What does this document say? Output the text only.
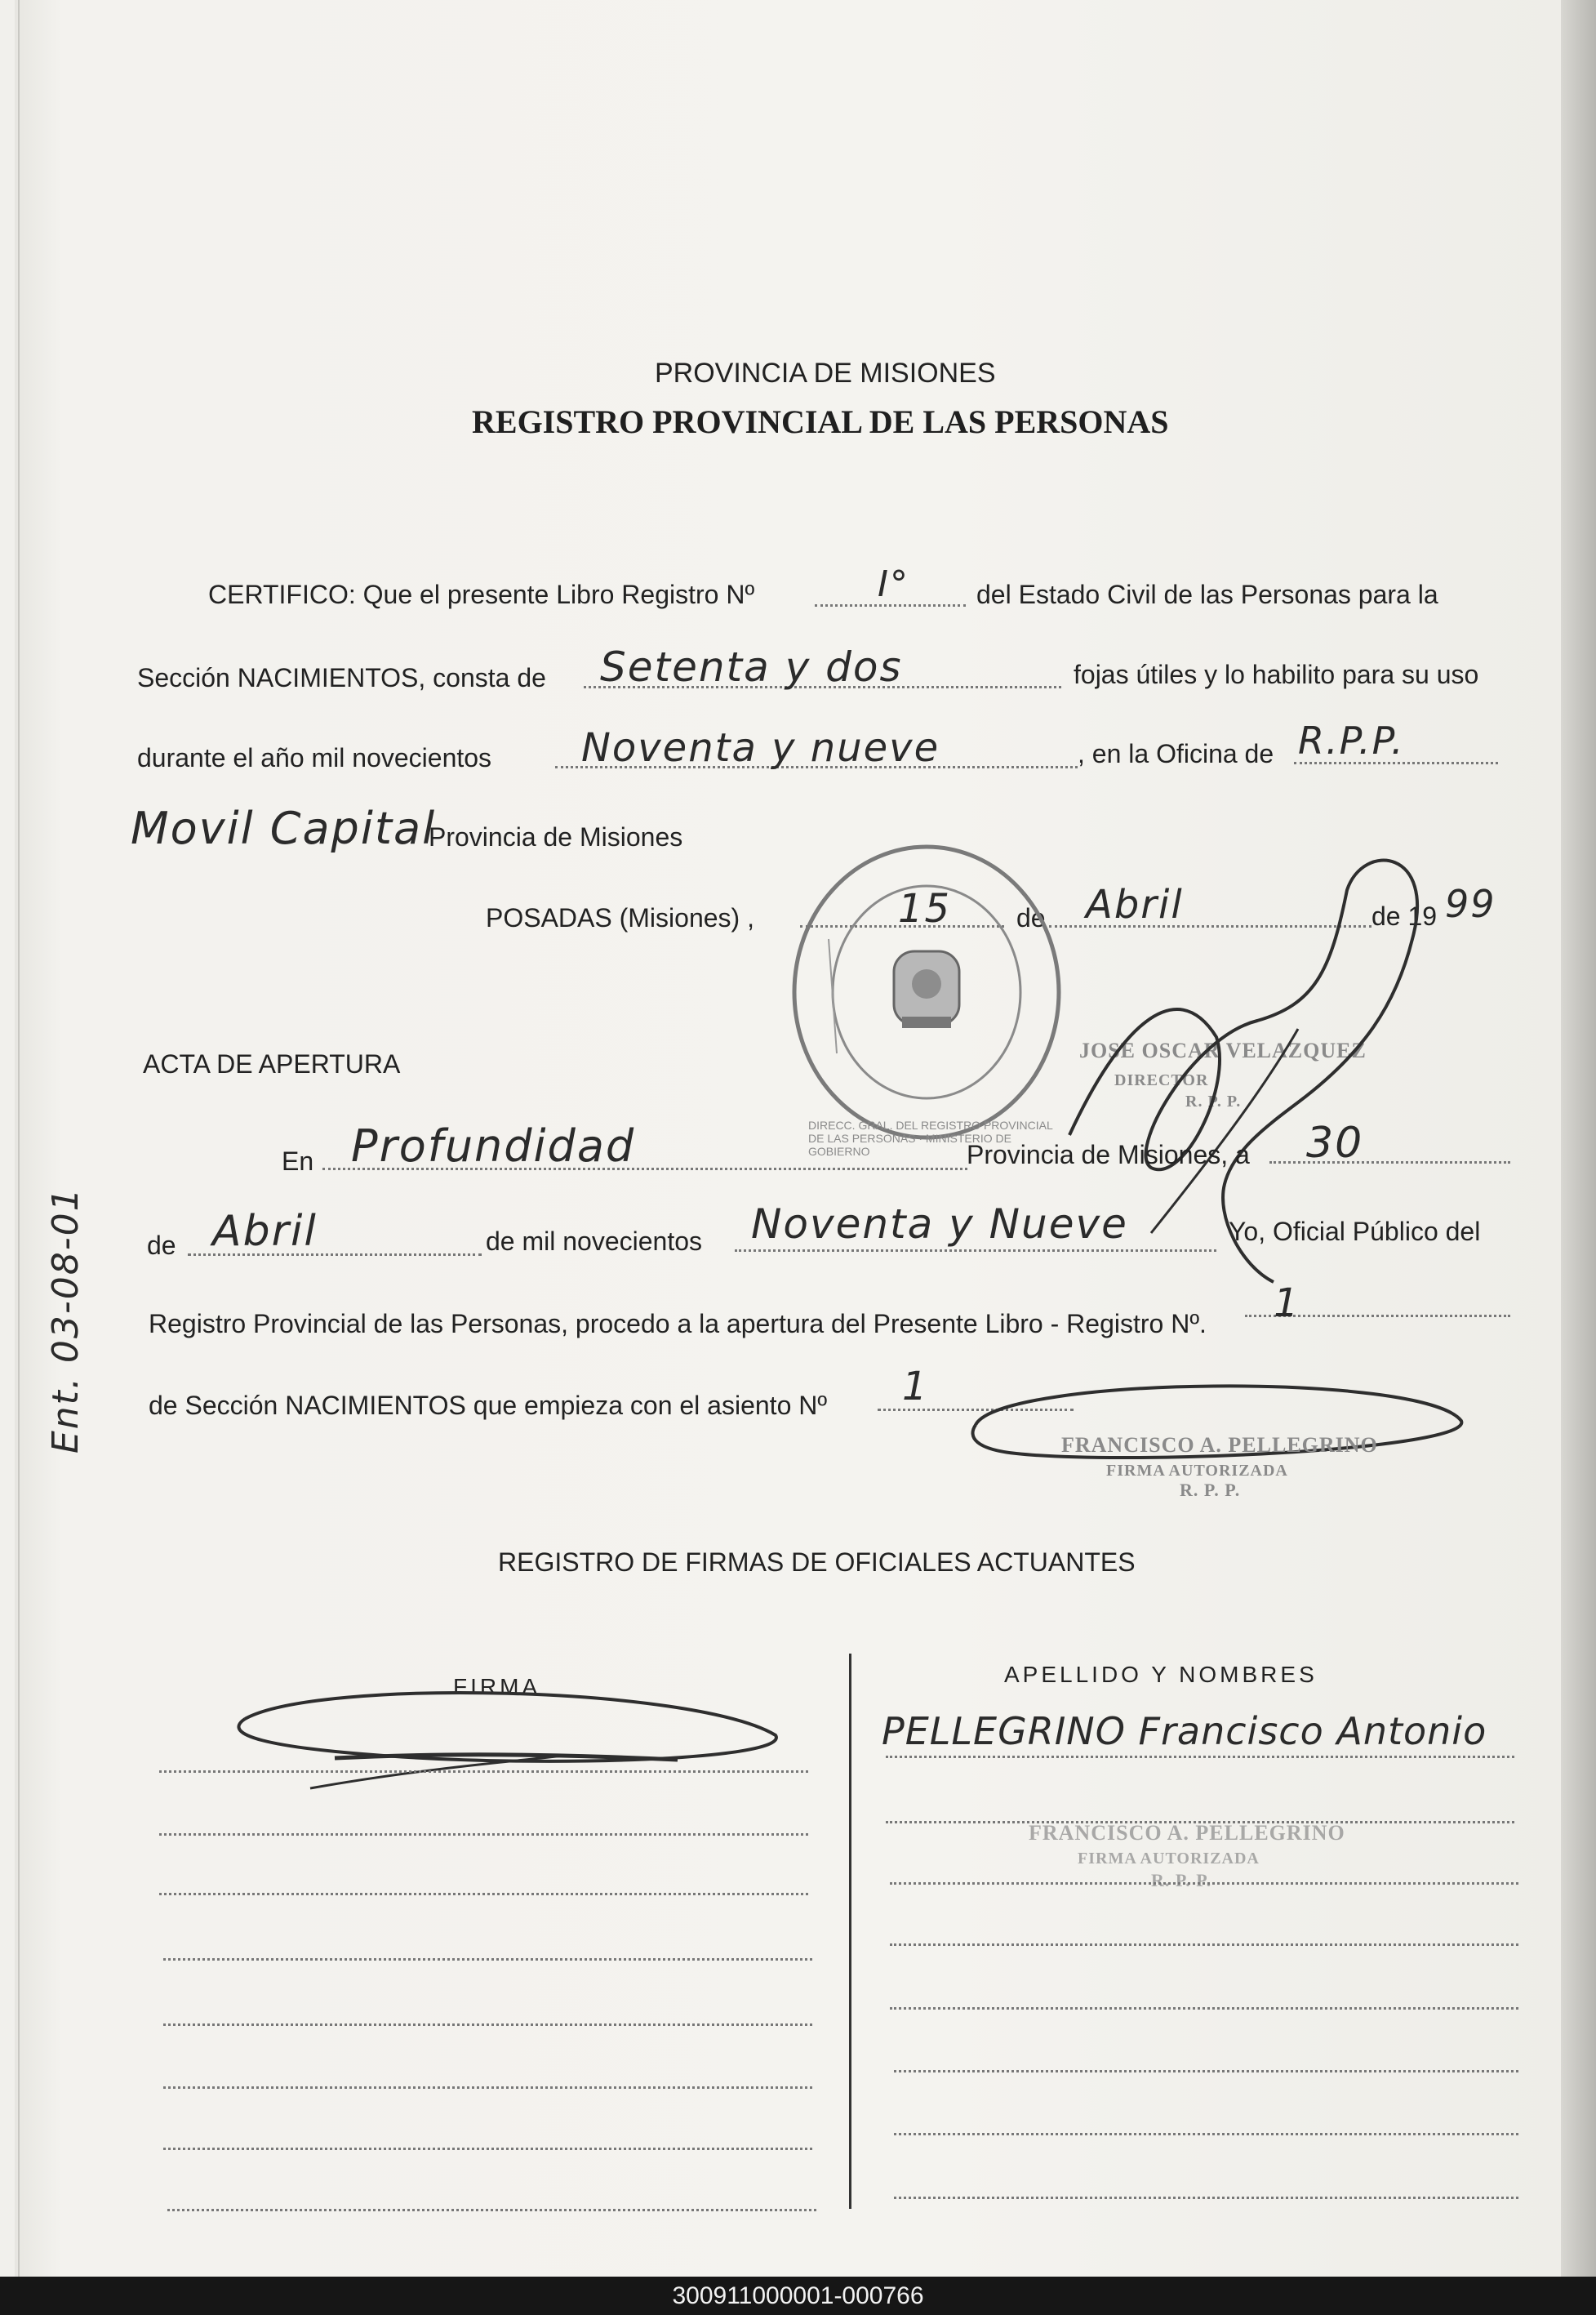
PROVINCIA DE MISIONES
REGISTRO PROVINCIAL DE LAS PERSONAS
CERTIFICO: Que el presente Libro Registro Nº	I°	del Estado Civil de las Personas para la
Sección NACIMIENTOS, consta de Setenta y dos	fojas útiles y lo habilito para su uso
durante el año mil novecientos Noventa y nueve	, en la Oficina de R.P.P.
Movil Capital
Provincia de Misiones
POSADAS (Misiones) ,	15 de Abril	de 19 99
DIRECC. GRAL. DEL REGISTRO PROVINCIAL DE LAS PERSONAS · MINISTERIO DE GOBIERNO
JOSE OSCAR VELAZQUEZ
DIRECTOR
R. P. P.
Ent. 03-08-01
ACTA DE APERTURA
En Profundidad	Provincia de Misiones, a 30
de Abril	de mil novecientos Noventa y Nueve	Yo, Oficial Público del
Registro Provincial de las Personas, procedo a la apertura del Presente Libro - Registro Nº. 1
de Sección NACIMIENTOS que empieza con el asiento Nº 1
FRANCISCO A. PELLEGRINO
FIRMA AUTORIZADA
R. P. P.
REGISTRO DE FIRMAS DE OFICIALES ACTUANTES
FIRMA	APELLIDO Y NOMBRES
PELLEGRINO Francisco Antonio
FRANCISCO A. PELLEGRINO
FIRMA AUTORIZADA
R. P. P.
300911000001-000766
